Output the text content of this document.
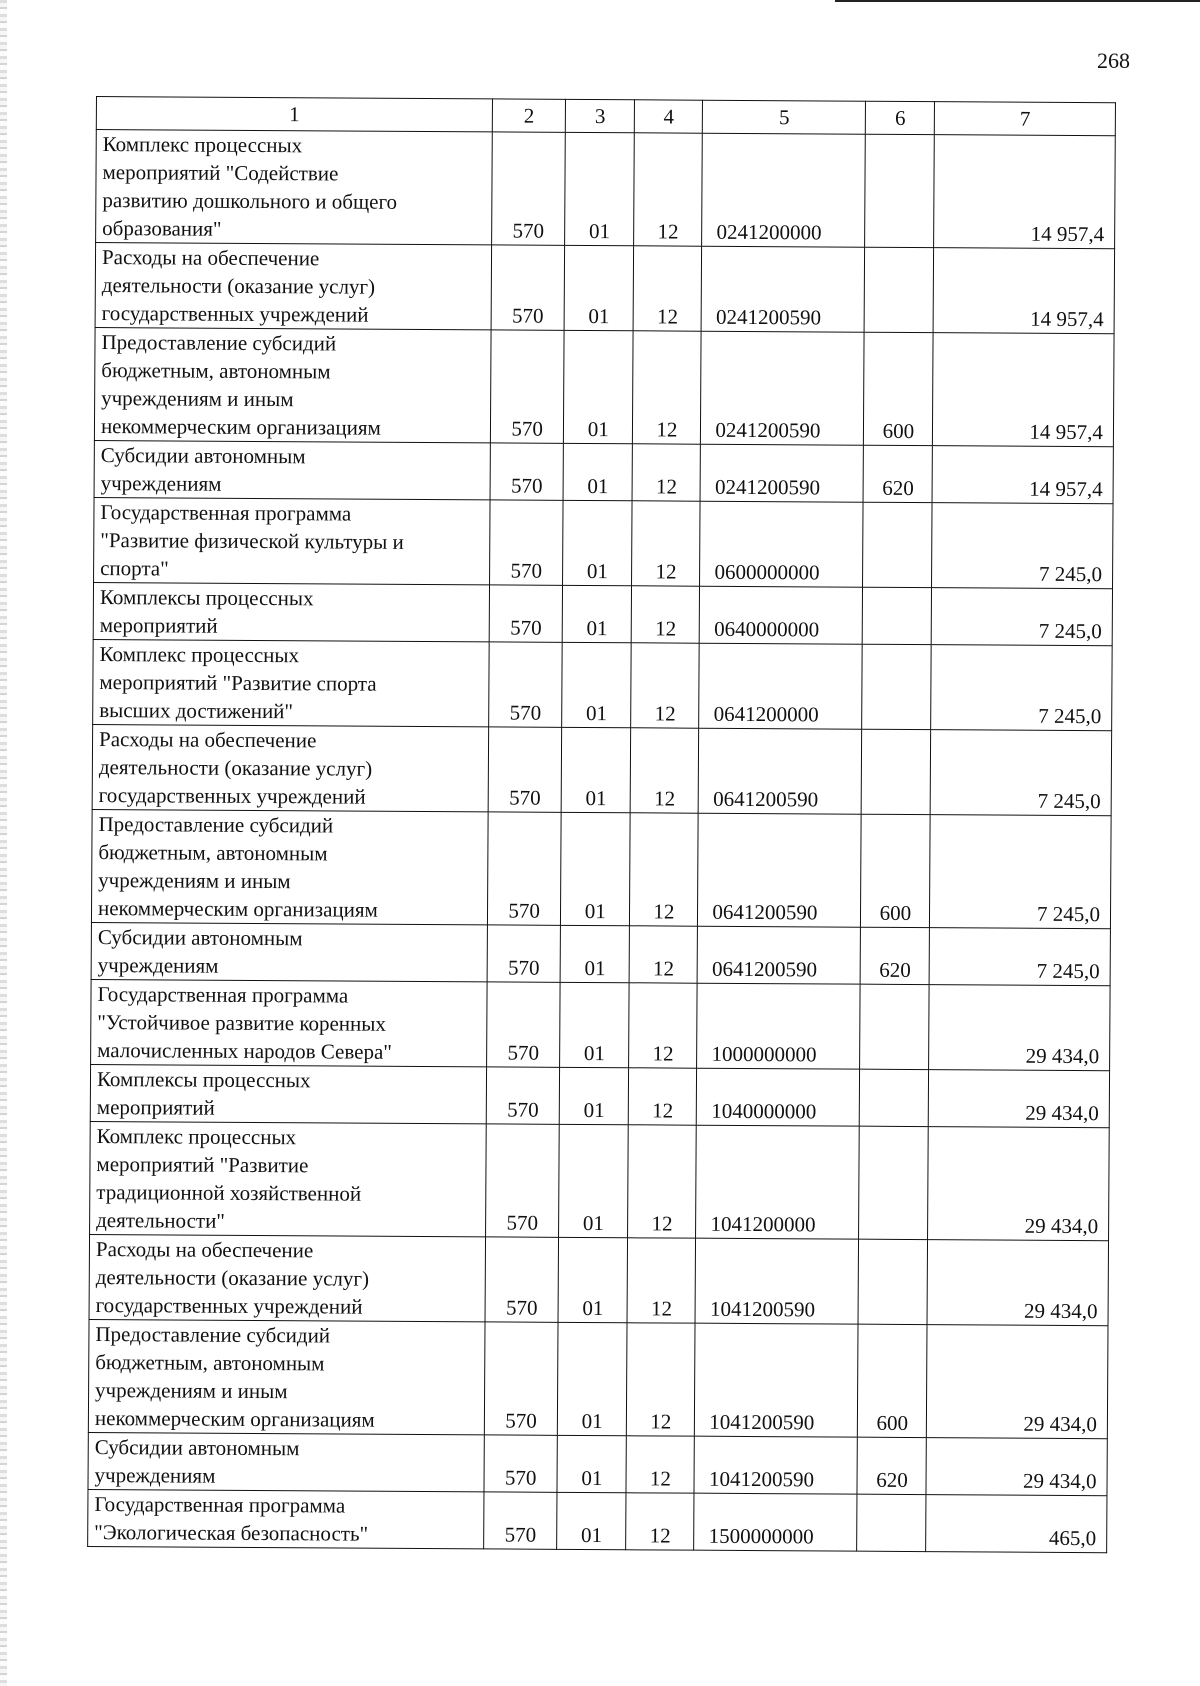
268
1	2	3	4	5	6	7

Комплекс процессных
мероприятий "Содействие
развитию дошкольного и общего
образования"	570	01	12	0241200000		14 957,4

Расходы на обеспечение
деятельности (оказание услуг)
государственных учреждений	570	01	12	0241200590		14 957,4

Предоставление субсидий
бюджетным, автономным
учреждениям и иным
некоммерческим организациям	570	01	12	0241200590	600	14 957,4

Субсидии автономным
учреждениям	570	01	12	0241200590	620	14 957,4

Государственная программа
"Развитие физической культуры и
спорта"	570	01	12	0600000000		7 245,0

Комплексы процессных
мероприятий	570	01	12	0640000000		7 245,0

Комплекс процессных
мероприятий "Развитие спорта
высших достижений"	570	01	12	0641200000		7 245,0

Расходы на обеспечение
деятельности (оказание услуг)
государственных учреждений	570	01	12	0641200590		7 245,0

Предоставление субсидий
бюджетным, автономным
учреждениям и иным
некоммерческим организациям	570	01	12	0641200590	600	7 245,0

Субсидии автономным
учреждениям	570	01	12	0641200590	620	7 245,0

Государственная программа
"Устойчивое развитие коренных
малочисленных народов Севера"	570	01	12	1000000000		29 434,0

Комплексы процессных
мероприятий	570	01	12	1040000000		29 434,0

Комплекс процессных
мероприятий "Развитие
традиционной хозяйственной
деятельности"	570	01	12	1041200000		29 434,0

Расходы на обеспечение
деятельности (оказание услуг)
государственных учреждений	570	01	12	1041200590		29 434,0

Предоставление субсидий
бюджетным, автономным
учреждениям и иным
некоммерческим организациям	570	01	12	1041200590	600	29 434,0

Субсидии автономным
учреждениям	570	01	12	1041200590	620	29 434,0

Государственная программа
"Экологическая безопасность"	570	01	12	1500000000		465,0
